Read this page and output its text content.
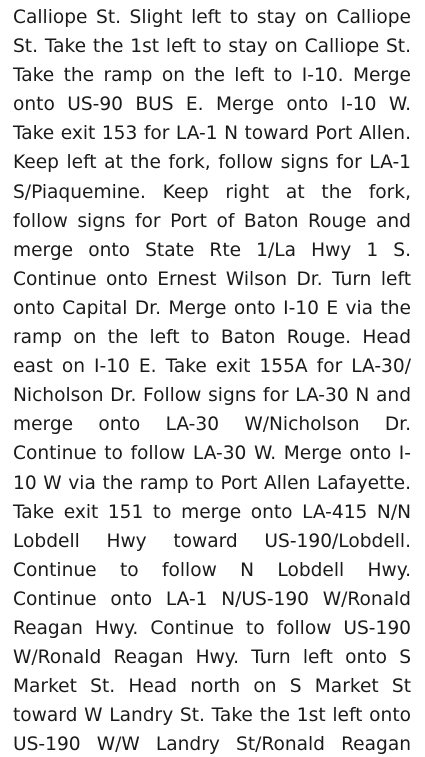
Calliope St. Slight left to stay on Calliope St. Take the 1st left to stay on Calliope St. Take the ramp on the left to I-10. Merge onto US-90 BUS E. Merge onto I-10 W. Take exit 153 for LA-1 N toward Port Allen. Keep left at the fork, follow signs for LA-1 S/Piaquemine. Keep right at the fork, follow signs for Port of Baton Rouge and merge onto State Rte 1/La Hwy 1 S. Continue onto Ernest Wilson Dr. Turn left onto Capital Dr. Merge onto I-10 E via the ramp on the left to Baton Rouge. Head east on I-10 E. Take exit 155A for LA-30/ Nicholson Dr. Follow signs for LA-30 N and merge onto LA-30 W/Nicholson Dr. Continue to follow LA-30 W. Merge onto I-10 W via the ramp to Port Allen Lafayette. Take exit 151 to merge onto LA-415 N/N Lobdell Hwy toward US-190/Lobdell. Continue to follow N Lobdell Hwy. Continue onto LA-1 N/US-190 W/Ronald Reagan Hwy. Continue to follow US-190 W/Ronald Reagan Hwy. Turn left onto S Market St. Head north on S Market St toward W Landry St. Take the 1st left onto US-190 W/W Landry St/Ronald Reagan
